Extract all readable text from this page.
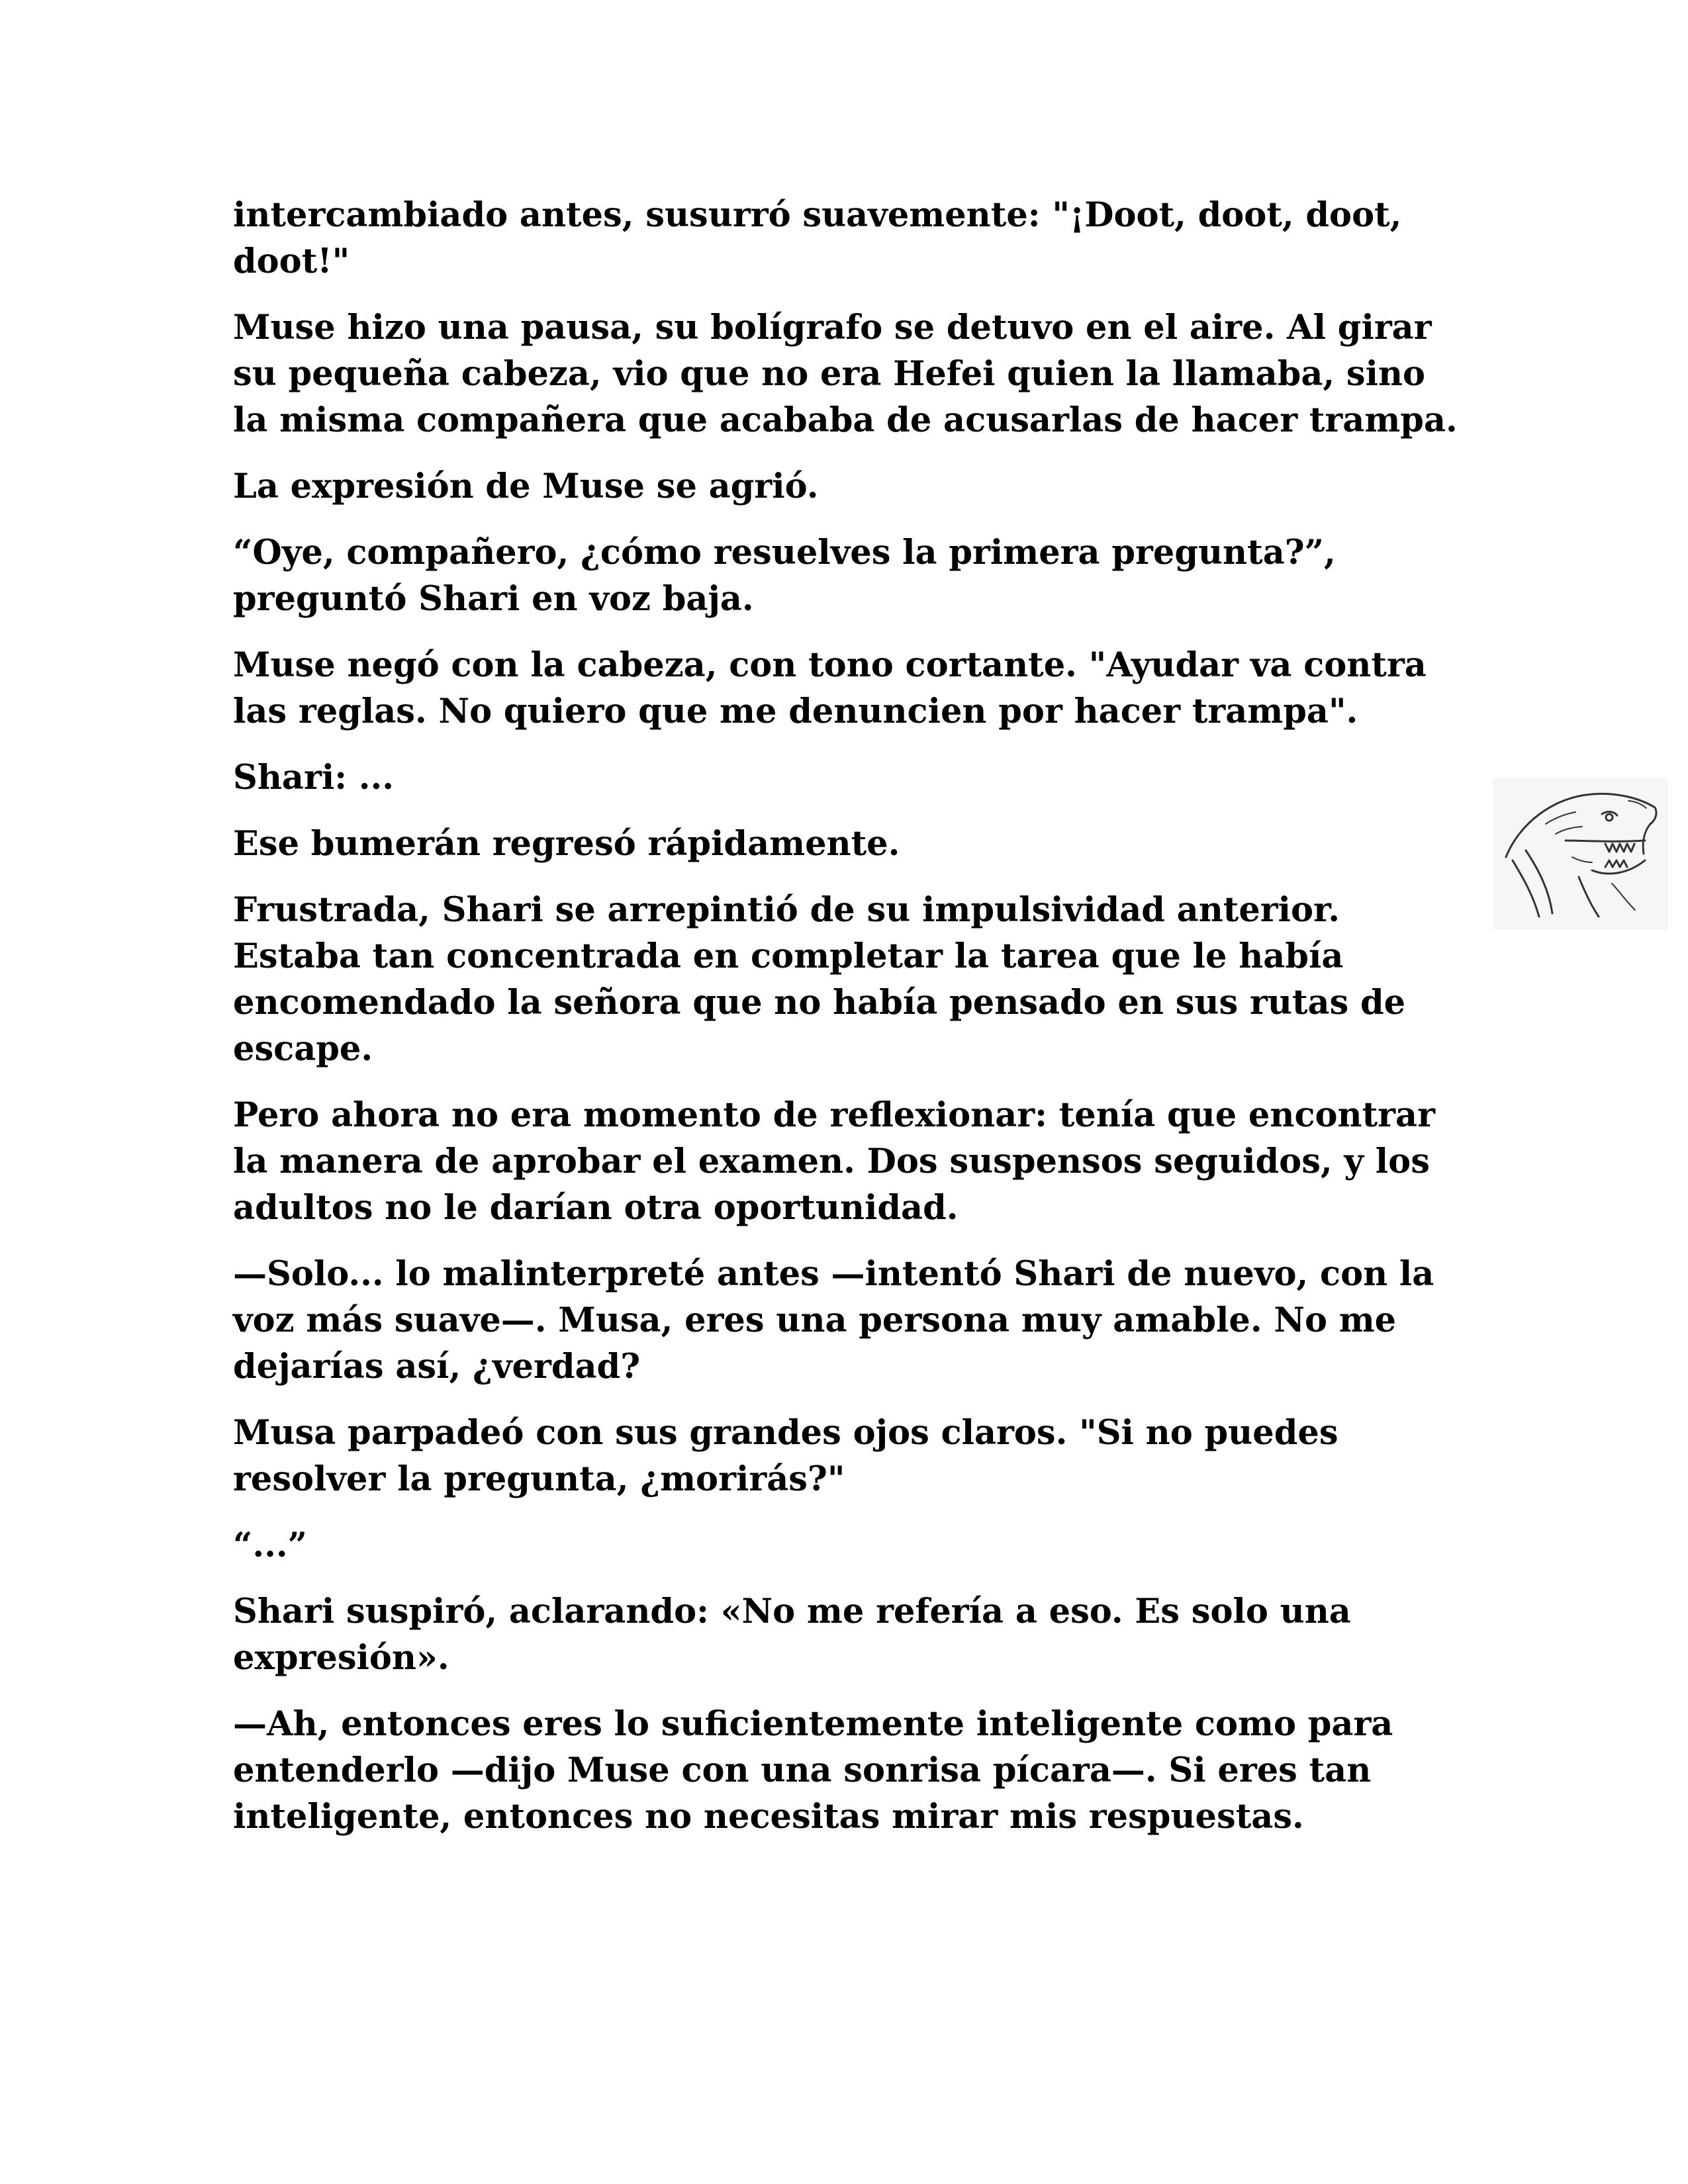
intercambiado antes, susurró suavemente: "¡Doot, doot, doot, doot!"

Muse hizo una pausa, su bolígrafo se detuvo en el aire. Al girar su pequeña cabeza, vio que no era Hefei quien la llamaba, sino la misma compañera que acababa de acusarlas de hacer trampa.

La expresión de Muse se agrió.

“Oye, compañero, ¿cómo resuelves la primera pregunta?”, preguntó Shari en voz baja.

Muse negó con la cabeza, con tono cortante. "Ayudar va contra las reglas. No quiero que me denuncien por hacer trampa".

Shari: ...

Ese bumerán regresó rápidamente.

Frustrada, Shari se arrepintió de su impulsividad anterior. Estaba tan concentrada en completar la tarea que le había encomendado la señora que no había pensado en sus rutas de escape.

Pero ahora no era momento de reflexionar: tenía que encontrar la manera de aprobar el examen. Dos suspensos seguidos, y los adultos no le darían otra oportunidad.

—Solo... lo malinterpreté antes —intentó Shari de nuevo, con la voz más suave—. Musa, eres una persona muy amable. No me dejarías así, ¿verdad?

Musa parpadeó con sus grandes ojos claros. "Si no puedes resolver la pregunta, ¿morirás?"

“...”

Shari suspiró, aclarando: «No me refería a eso. Es solo una expresión».

—Ah, entonces eres lo suficientemente inteligente como para entenderlo —dijo Muse con una sonrisa pícara—. Si eres tan inteligente, entonces no necesitas mirar mis respuestas.
